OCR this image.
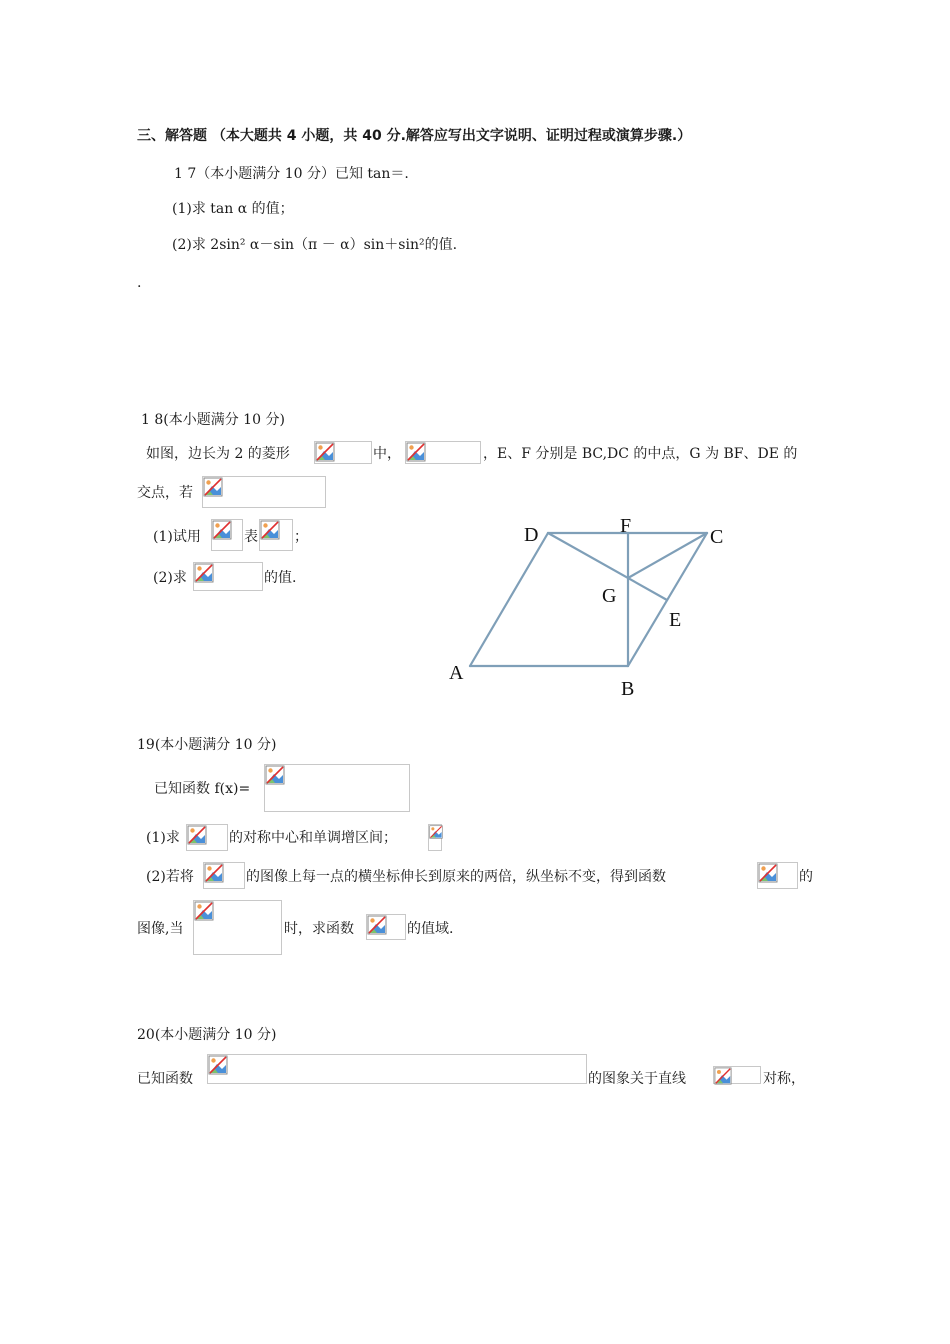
三、解答题 （本大题共 4 小题，共 40 分.解答应写出文字说明、证明过程或演算步骤.）
1 7（本小题满分 10 分）已知 tan＝.
(1)求 tan α 的值；
(2)求 2sin² α－sin（π － α）sin＋sin²的值.
.
1 8(本小题满分 10 分)
如图，边长为 2 的菱形	中，	，E、F 分别是 BC,DC 的中点，G 为 BF、DE 的
交点，若
(1)试用	表	；
(2)求	的值.
D	F	C
G
E
A
B
19(本小题满分 10 分)
已知函数 f(x)=
(1)求	的对称中心和单调增区间；
(2)若将	的图像上每一点的横坐标伸长到原来的两倍，纵坐标不变，得到函数	的
图像,当	时，求函数	的值域.
20(本小题满分 10 分)
已知函数	的图象关于直线	对称，
